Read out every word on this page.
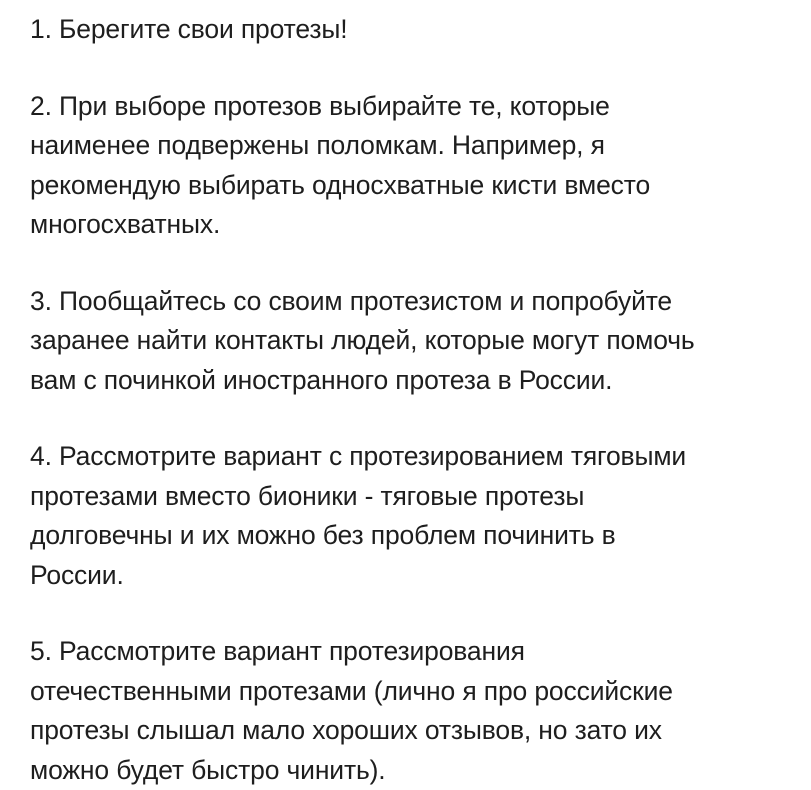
1. Берегите свои протезы!

2. При выборе протезов выбирайте те, которые
наименее подвержены поломкам. Например, я
рекомендую выбирать односхватные кисти вместо
многосхватных.

3. Пообщайтесь со своим протезистом и попробуйте
заранее найти контакты людей, которые могут помочь
вам с починкой иностранного протеза в России.

4. Рассмотрите вариант с протезированием тяговыми
протезами вместо бионики - тяговые протезы
долговечны и их можно без проблем починить в
России.

5. Рассмотрите вариант протезирования
отечественными протезами (лично я про российские
протезы слышал мало хороших отзывов, но зато их
можно будет быстро чинить).
